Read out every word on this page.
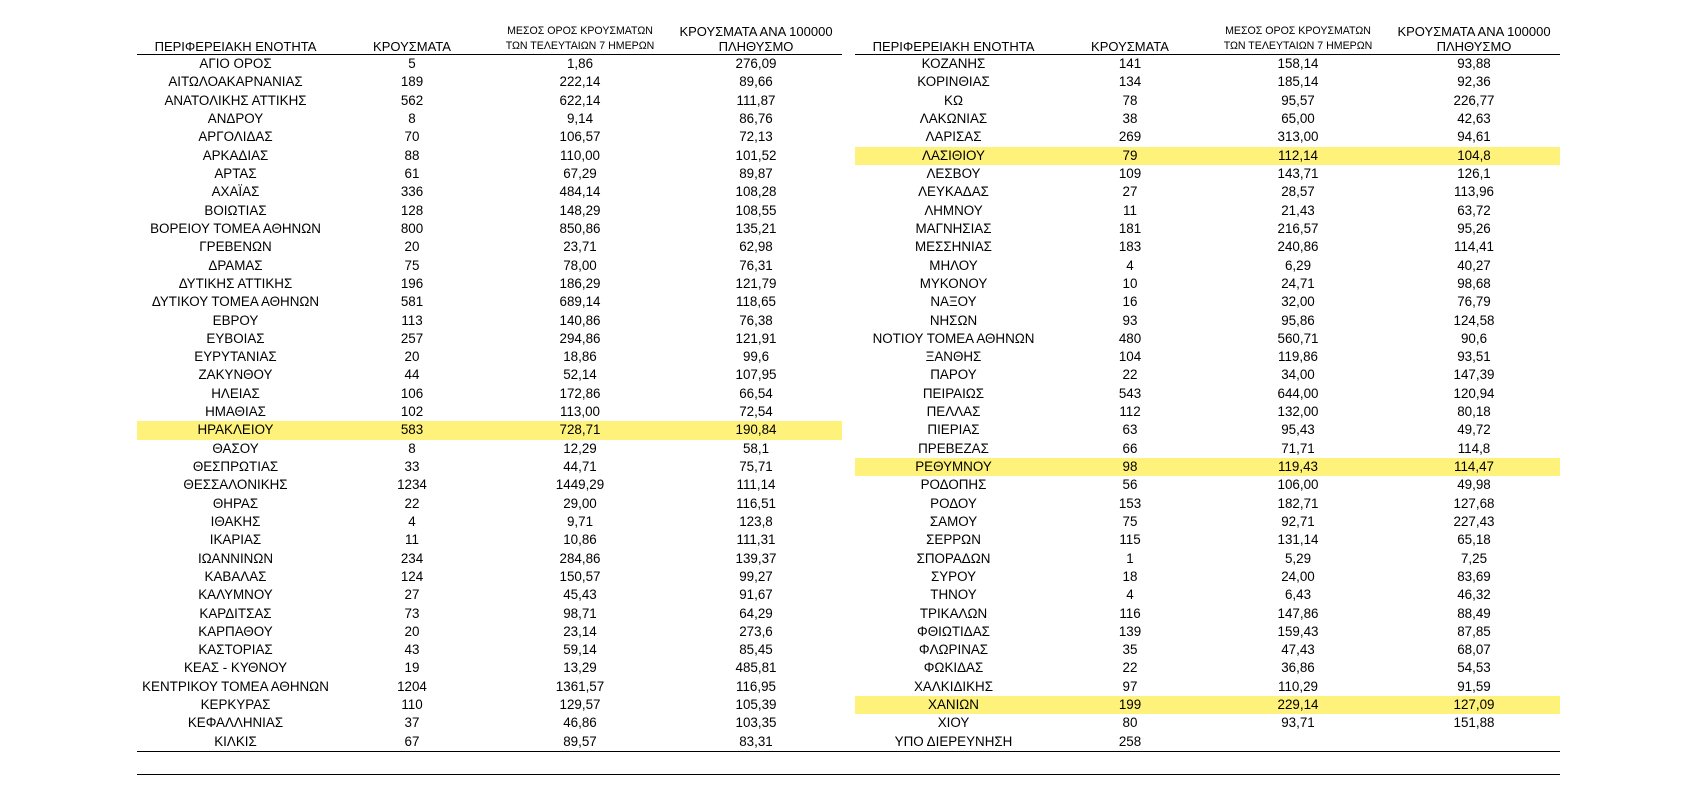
ΠΕΡΙΦΕΡΕΙΑΚΗ ΕΝΟΤΗΤΑ	ΚΡΟΥΣΜΑΤΑ	ΜΕΣΟΣ ΟΡΟΣ ΚΡΟΥΣΜΑΤΩΝ
ΤΩΝ ΤΕΛΕΥΤΑΙΩΝ 7 ΗΜΕΡΩΝ	ΚΡΟΥΣΜΑΤΑ ΑΝΑ 100000
ΠΛΗΘΥΣΜΟ
ΑΓΙΟ ΟΡΟΣ	5	1,86	276,09
ΑΙΤΩΛΟΑΚΑΡΝΑΝΙΑΣ	189	222,14	89,66
ΑΝΑΤΟΛΙΚΗΣ ΑΤΤΙΚΗΣ	562	622,14	111,87
ΑΝΔΡΟΥ	8	9,14	86,76
ΑΡΓΟΛΙΔΑΣ	70	106,57	72,13
ΑΡΚΑΔΙΑΣ	88	110,00	101,52
ΑΡΤΑΣ	61	67,29	89,87
ΑΧΑΪΑΣ	336	484,14	108,28
ΒΟΙΩΤΙΑΣ	128	148,29	108,55
ΒΟΡΕΙΟΥ ΤΟΜΕΑ ΑΘΗΝΩΝ	800	850,86	135,21
ΓΡΕΒΕΝΩΝ	20	23,71	62,98
ΔΡΑΜΑΣ	75	78,00	76,31
ΔΥΤΙΚΗΣ ΑΤΤΙΚΗΣ	196	186,29	121,79
ΔΥΤΙΚΟΥ ΤΟΜΕΑ ΑΘΗΝΩΝ	581	689,14	118,65
ΕΒΡΟΥ	113	140,86	76,38
ΕΥΒΟΙΑΣ	257	294,86	121,91
ΕΥΡΥΤΑΝΙΑΣ	20	18,86	99,6
ΖΑΚΥΝΘΟΥ	44	52,14	107,95
ΗΛΕΙΑΣ	106	172,86	66,54
ΗΜΑΘΙΑΣ	102	113,00	72,54
ΗΡΑΚΛΕΙΟΥ	583	728,71	190,84
ΘΑΣΟΥ	8	12,29	58,1
ΘΕΣΠΡΩΤΙΑΣ	33	44,71	75,71
ΘΕΣΣΑΛΟΝΙΚΗΣ	1234	1449,29	111,14
ΘΗΡΑΣ	22	29,00	116,51
ΙΘΑΚΗΣ	4	9,71	123,8
ΙΚΑΡΙΑΣ	11	10,86	111,31
ΙΩΑΝΝΙΝΩΝ	234	284,86	139,37
ΚΑΒΑΛΑΣ	124	150,57	99,27
ΚΑΛΥΜΝΟΥ	27	45,43	91,67
ΚΑΡΔΙΤΣΑΣ	73	98,71	64,29
ΚΑΡΠΑΘΟΥ	20	23,14	273,6
ΚΑΣΤΟΡΙΑΣ	43	59,14	85,45
ΚΕΑΣ - ΚΥΘΝΟΥ	19	13,29	485,81
ΚΕΝΤΡΙΚΟΥ ΤΟΜΕΑ ΑΘΗΝΩΝ	1204	1361,57	116,95
ΚΕΡΚΥΡΑΣ	110	129,57	105,39
ΚΕΦΑΛΛΗΝΙΑΣ	37	46,86	103,35
ΚΙΛΚΙΣ	67	89,57	83,31
ΠΕΡΙΦΕΡΕΙΑΚΗ ΕΝΟΤΗΤΑ	ΚΡΟΥΣΜΑΤΑ	ΜΕΣΟΣ ΟΡΟΣ ΚΡΟΥΣΜΑΤΩΝ
ΤΩΝ ΤΕΛΕΥΤΑΙΩΝ 7 ΗΜΕΡΩΝ	ΚΡΟΥΣΜΑΤΑ ΑΝΑ 100000
ΠΛΗΘΥΣΜΟ
ΚΟΖΑΝΗΣ	141	158,14	93,88
ΚΟΡΙΝΘΙΑΣ	134	185,14	92,36
ΚΩ	78	95,57	226,77
ΛΑΚΩΝΙΑΣ	38	65,00	42,63
ΛΑΡΙΣΑΣ	269	313,00	94,61
ΛΑΣΙΘΙΟΥ	79	112,14	104,8
ΛΕΣΒΟΥ	109	143,71	126,1
ΛΕΥΚΑΔΑΣ	27	28,57	113,96
ΛΗΜΝΟΥ	11	21,43	63,72
ΜΑΓΝΗΣΙΑΣ	181	216,57	95,26
ΜΕΣΣΗΝΙΑΣ	183	240,86	114,41
ΜΗΛΟΥ	4	6,29	40,27
ΜΥΚΟΝΟΥ	10	24,71	98,68
ΝΑΞΟΥ	16	32,00	76,79
ΝΗΣΩΝ	93	95,86	124,58
ΝΟΤΙΟΥ ΤΟΜΕΑ ΑΘΗΝΩΝ	480	560,71	90,6
ΞΑΝΘΗΣ	104	119,86	93,51
ΠΑΡΟΥ	22	34,00	147,39
ΠΕΙΡΑΙΩΣ	543	644,00	120,94
ΠΕΛΛΑΣ	112	132,00	80,18
ΠΙΕΡΙΑΣ	63	95,43	49,72
ΠΡΕΒΕΖΑΣ	66	71,71	114,8
ΡΕΘΥΜΝΟΥ	98	119,43	114,47
ΡΟΔΟΠΗΣ	56	106,00	49,98
ΡΟΔΟΥ	153	182,71	127,68
ΣΑΜΟΥ	75	92,71	227,43
ΣΕΡΡΩΝ	115	131,14	65,18
ΣΠΟΡΑΔΩΝ	1	5,29	7,25
ΣΥΡΟΥ	18	24,00	83,69
ΤΗΝΟΥ	4	6,43	46,32
ΤΡΙΚΑΛΩΝ	116	147,86	88,49
ΦΘΙΩΤΙΔΑΣ	139	159,43	87,85
ΦΛΩΡΙΝΑΣ	35	47,43	68,07
ΦΩΚΙΔΑΣ	22	36,86	54,53
ΧΑΛΚΙΔΙΚΗΣ	97	110,29	91,59
ΧΑΝΙΩΝ	199	229,14	127,09
ΧΙΟΥ	80	93,71	151,88
ΥΠΟ ΔΙΕΡΕΥΝΗΣΗ	258		
